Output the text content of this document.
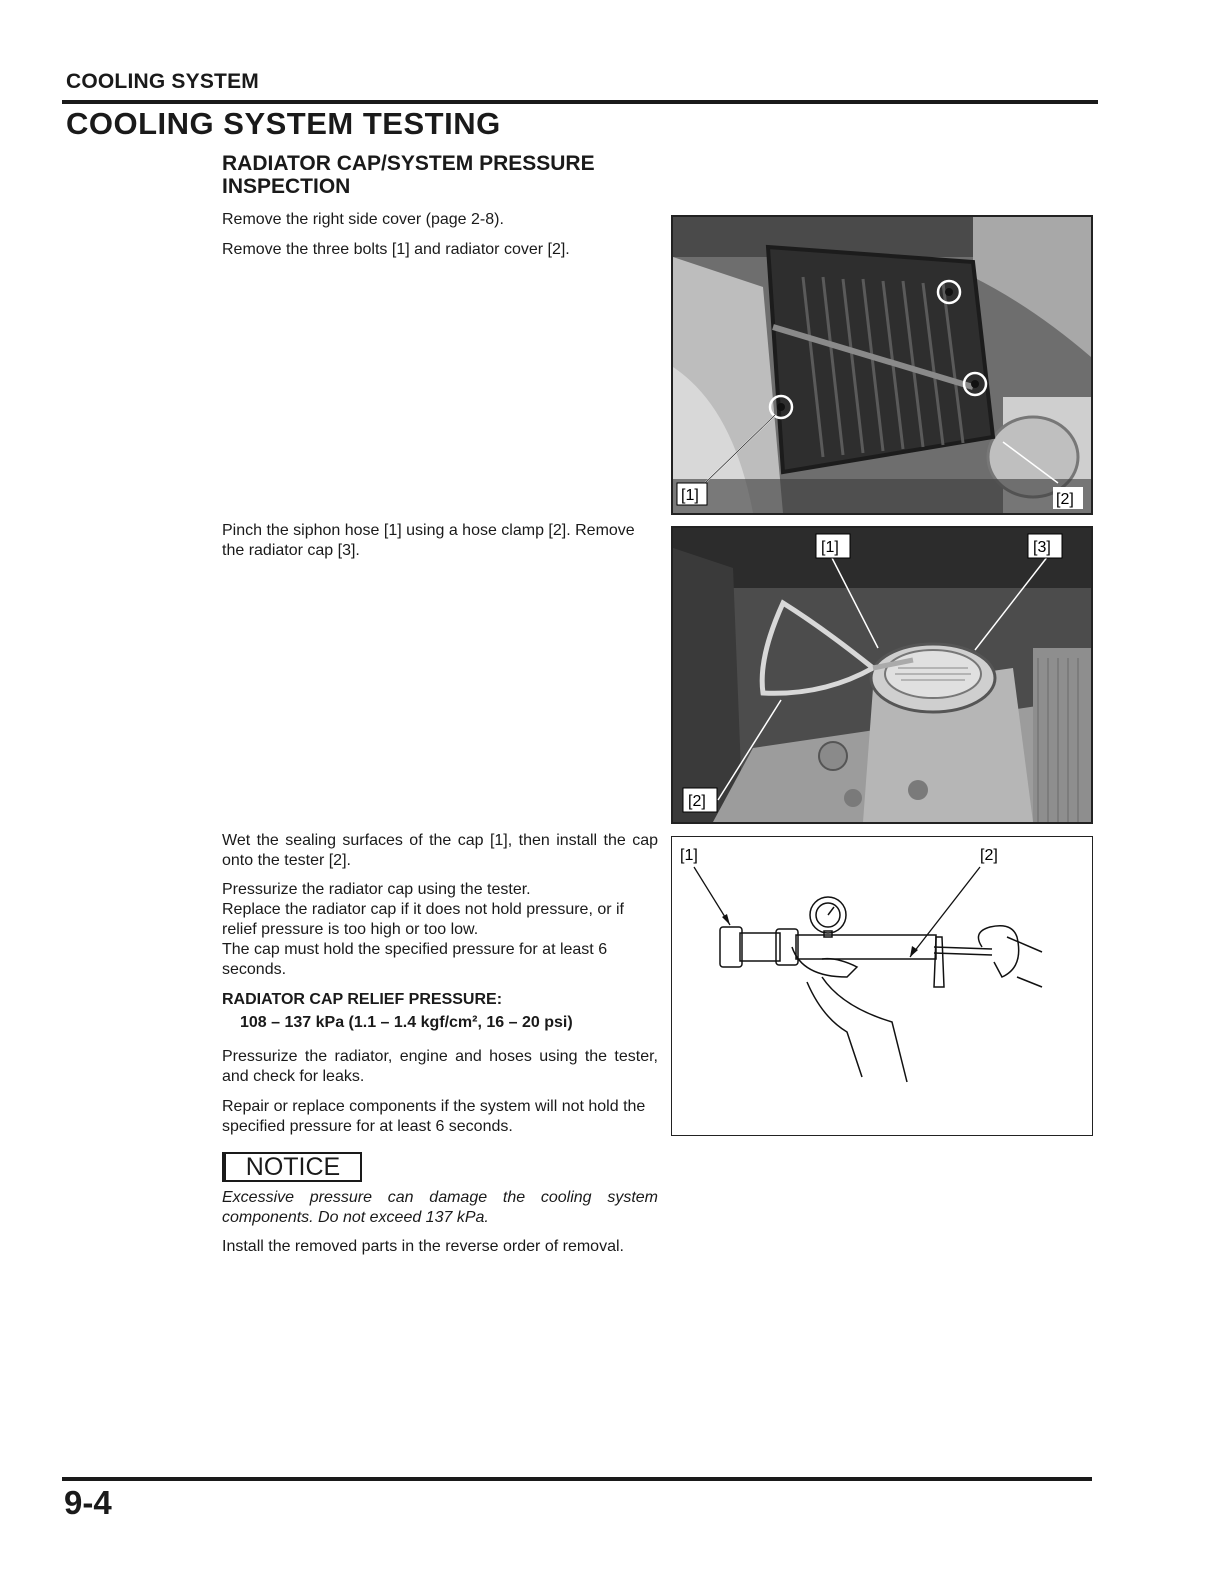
COOLING SYSTEM
COOLING SYSTEM TESTING
RADIATOR CAP/SYSTEM PRESSURE INSPECTION

Remove the right side cover (page 2-8).

Remove the three bolts [1] and radiator cover [2].

Pinch the siphon hose [1] using a hose clamp [2]. Remove the radiator cap [3].

Wet the sealing surfaces of the cap [1], then install the cap onto the tester [2].

Pressurize the radiator cap using the tester.

Replace the radiator cap if it does not hold pressure, or if relief pressure is too high or too low.

The cap must hold the specified pressure for at least 6 seconds.

RADIATOR CAP RELIEF PRESSURE:
108 – 137 kPa (1.1 – 1.4 kgf/cm², 16 – 20 psi)

Pressurize the radiator, engine and hoses using the tester, and check for leaks.

Repair or replace components if the system will not hold the specified pressure for at least 6 seconds.

NOTICE

Excessive pressure can damage the cooling system components. Do not exceed 137 kPa.

Install the removed parts in the reverse order of removal.

[1]	[2]
[1]	[3]
[2]
[1]	[2]
9-4
